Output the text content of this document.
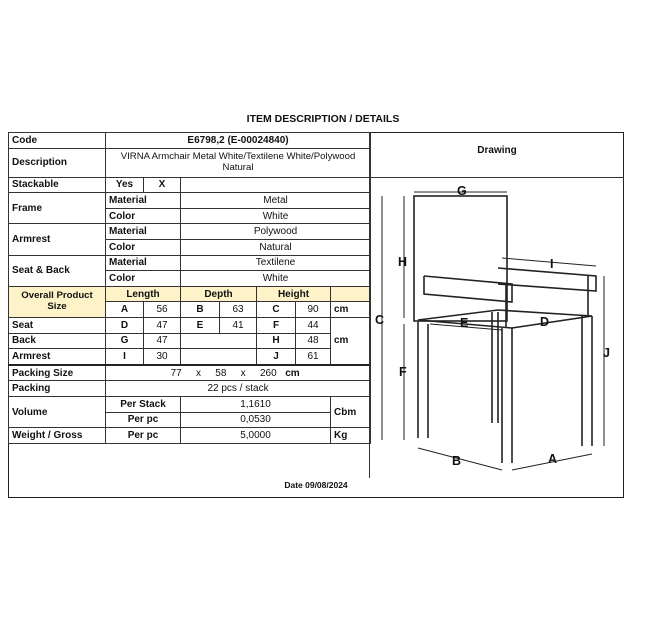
ITEM DESCRIPTION / DETAILS
Code	E6798,2 (E-00024840)						
Description	VIRNA Armchair Metal White/Textilene White/Polywood Natural						
Stackable	Yes	X					
Frame	Material		Metal				
	Color		White				
Armrest	Material		Polywood				
	Color		Natural				
Seat & Back	Material		Textilene				
	Color		White				
Overall Product Size	Length		Depth		Height		
	A	56	B	63	C	90	cm
Seat	D	47	E	41	F	44	cm
Back	G	47			H	48	
Armrest	I	30			J	61	
Packing Size	77 x 58 x 260 cm						
Packing	22 pcs / stack						
Volume	Per Stack		1,1610				Cbm
	Per pc		0,0530				
Weight / Gross	Per pc		5,0000				Kg
Drawing
G
H	I
C	E	D
F
J
B	A
Date 09/08/2024
